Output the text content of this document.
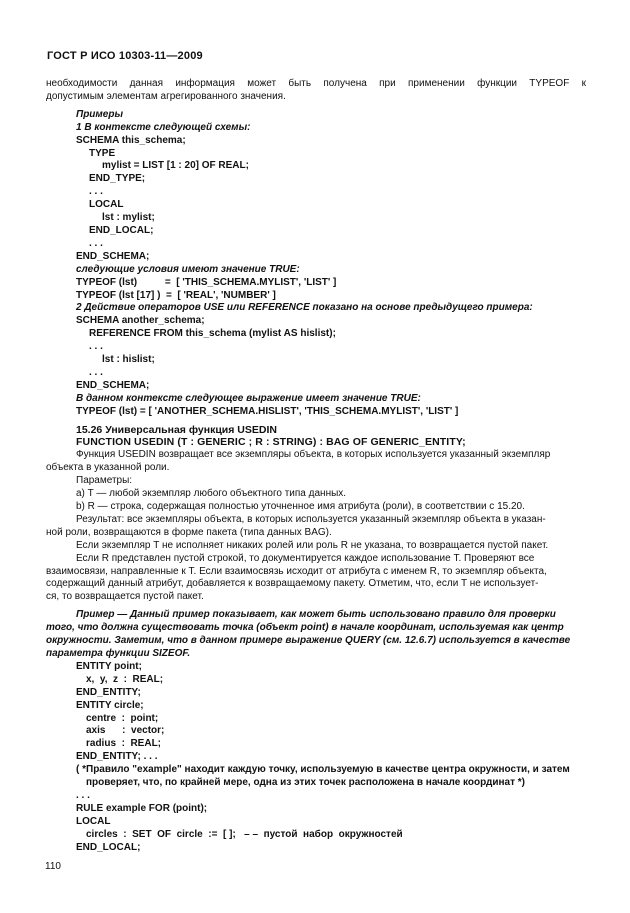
ГОСТ Р ИСО 10303-11—2009
необходимости данная информация может быть получена при применении функции TYPEOF к
допустимым элементам агрегированного значения.
Примеры
1 В контексте следующей схемы:
SCHEMA this_schema;
TYPE
mylist = LIST [1 : 20] OF REAL;
END_TYPE;
. . .
LOCAL
lst : mylist;
END_LOCAL;
. . .
END_SCHEMA;
следующие условия имеют значение TRUE:
TYPEOF (lst)          =  [ 'THIS_SCHEMA.MYLIST', 'LIST' ]
TYPEOF (lst [17] )  =  [ 'REAL', 'NUMBER' ]
2 Действие операторов USE или REFERENCE показано на основе предыдущего примера:
SCHEMA another_schema;
REFERENCE FROM this_schema (mylist AS hislist);
. . .
lst : hislist;
. . .
END_SCHEMA;
В данном контексте следующее выражение имеет значение TRUE:
TYPEOF (lst) = [ 'ANOTHER_SCHEMA.HISLIST', 'THIS_SCHEMA.MYLIST', 'LIST' ]
15.26 Универсальная функция USEDIN
FUNCTION USEDIN (T : GENERIC ; R : STRING) : BAG OF GENERIC_ENTITY;
Функция USEDIN возвращает все экземпляры объекта, в которых используется указанный экземпляр
объекта в указанной роли.
Параметры:
а) T — любой экземпляр любого объектного типа данных.
b) R — строка, содержащая полностью уточненное имя атрибута (роли), в соответствии с 15.20.
Результат: все экземпляры объекта, в которых используется указанный экземпляр объекта в указан-
ной роли, возвращаются в форме пакета (типа данных BAG).
Если экземпляр T не исполняет никаких ролей или роль R не указана, то возвращается пустой пакет.
Если R представлен пустой строкой, то документируется каждое использование T. Проверяют все
взаимосвязи, направленные к T. Если взаимосвязь исходит от атрибута с именем R, то экземпляр объекта,
содержащий данный атрибут, добавляется к возвращаемому пакету. Отметим, что, если T не использует-
ся, то возвращается пустой пакет.
Пример — Данный пример показывает, как может быть использовано правило для проверки
того, что должна существовать точка (объект point) в начале координат, используемая как центр
окружности. Заметим, что в данном примере выражение QUERY (см. 12.6.7) используется в качестве
параметра функции SIZEOF.
ENTITY point;
x,  y,  z  :  REAL;
END_ENTITY;
ENTITY circle;
centre  :  point;
axis      :  vector;
radius  :  REAL;
END_ENTITY; . . .
( *Правило "example" находит каждую точку, используемую в качестве центра окружности, и затем
проверяет, что, по крайней мере, одна из этих точек расположена в начале координат *)
. . .
RULE example FOR (point);
LOCAL
circles  :  SET  OF  circle  :=  [ ];   – –  пустой  набор  окружностей
END_LOCAL;
110
